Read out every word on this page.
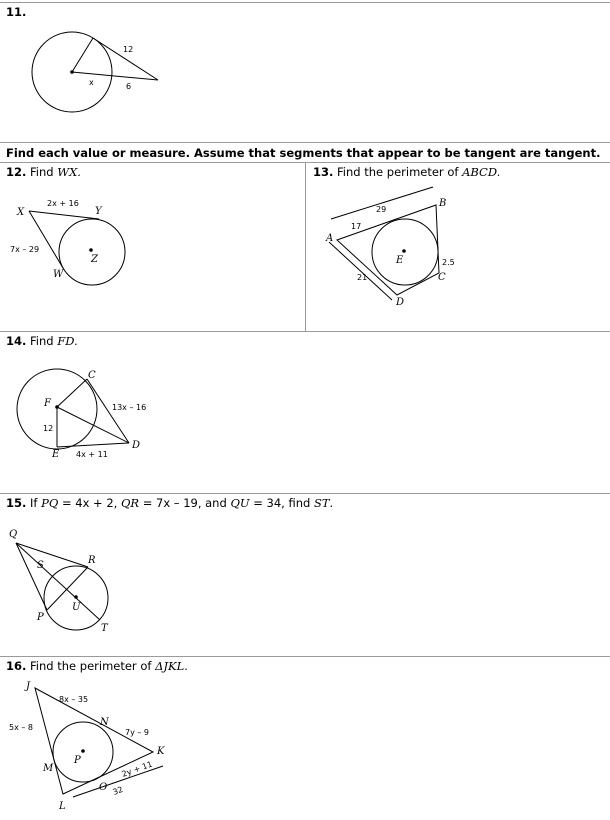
11.
12
x	6
Find each value or measure. Assume that segments that appear to be tangent are tangent.
12. Find WX.
2x + 16
7x – 29
X	Y
W
Z
13. Find the perimeter of ABCD.
29
17
21
2.5
A
B
C
D
E
14. Find FD.
13x – 16
12
4x + 11
C
F
E
D
15. If PQ = 4x + 2, QR = 7x – 19, and QU = 34, find ST.
Q
S	R
P
U
T
16. Find the perimeter of ΔJKL.
8x – 35
7y – 9
5x – 8
2y + 11
32
J
N
K
P
M
O
L
